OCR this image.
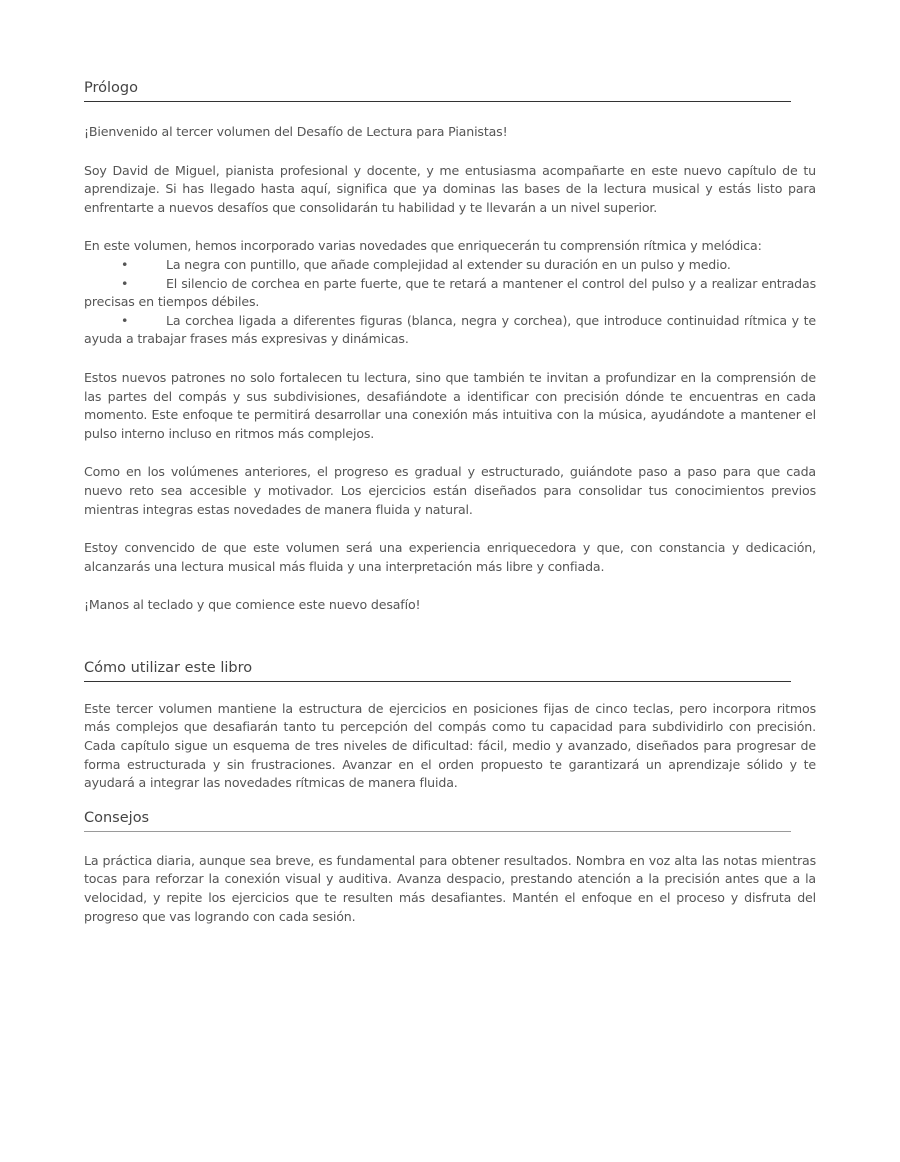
Prólogo

¡Bienvenido al tercer volumen del Desafío de Lectura para Pianistas!

Soy David de Miguel, pianista profesional y docente, y me entusiasma acompañarte en este nuevo capítulo de tu aprendizaje. Si has llegado hasta aquí, significa que ya dominas las bases de la lectura musical y estás listo para enfrentarte a nuevos desafíos que consolidarán tu habilidad y te llevarán a un nivel superior.

En este volumen, hemos incorporado varias novedades que enriquecerán tu comprensión rítmica y melódica:

•	La negra con puntillo, que añade complejidad al extender su duración en un pulso y medio.
•	El silencio de corchea en parte fuerte, que te retará a mantener el control del pulso y a realizar entradas precisas en tiempos débiles.
•	La corchea ligada a diferentes figuras (blanca, negra y corchea), que introduce continuidad rítmica y te ayuda a trabajar frases más expresivas y dinámicas.

Estos nuevos patrones no solo fortalecen tu lectura, sino que también te invitan a profundizar en la comprensión de las partes del compás y sus subdivisiones, desafiándote a identificar con precisión dónde te encuentras en cada momento. Este enfoque te permitirá desarrollar una conexión más intuitiva con la música, ayudándote a mantener el pulso interno incluso en ritmos más complejos.

Como en los volúmenes anteriores, el progreso es gradual y estructurado, guiándote paso a paso para que cada nuevo reto sea accesible y motivador. Los ejercicios están diseñados para consolidar tus conocimientos previos mientras integras estas novedades de manera fluida y natural.

Estoy convencido de que este volumen será una experiencia enriquecedora y que, con constancia y dedicación, alcanzarás una lectura musical más fluida y una interpretación más libre y confiada.

¡Manos al teclado y que comience este nuevo desafío!

Cómo utilizar este libro

Este tercer volumen mantiene la estructura de ejercicios en posiciones fijas de cinco teclas, pero incorpora ritmos más complejos que desafiarán tanto tu percepción del compás como tu capacidad para subdividirlo con precisión. Cada capítulo sigue un esquema de tres niveles de dificultad: fácil, medio y avanzado, diseñados para progresar de forma estructurada y sin frustraciones. Avanzar en el orden propuesto te garantizará un aprendizaje sólido y te ayudará a integrar las novedades rítmicas de manera fluida.

Consejos

La práctica diaria, aunque sea breve, es fundamental para obtener resultados. Nombra en voz alta las notas mientras tocas para reforzar la conexión visual y auditiva. Avanza despacio, prestando atención a la precisión antes que a la velocidad, y repite los ejercicios que te resulten más desafiantes. Mantén el enfoque en el proceso y disfruta del progreso que vas logrando con cada sesión.
